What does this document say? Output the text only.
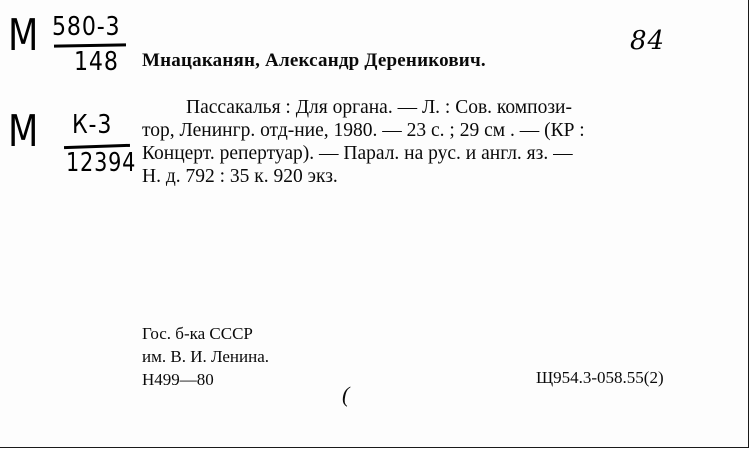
М 580-3
148
М К-3
12394
84
Мнацаканян, Александр Дереникович.
Пассакалья : Для органа. — Л. : Сов. компози-
тор, Ленингр. отд-ние, 1980. — 23 с. ; 29 см . — (КР :
Концерт. репертуар). — Парал. на рус. и англ. яз. —
Н. д. 792 : 35 к. 920 экз.
Гос. б-ка СССР
им. В. И. Ленина.
Н499—80	Щ954.3-058.55(2)
(
